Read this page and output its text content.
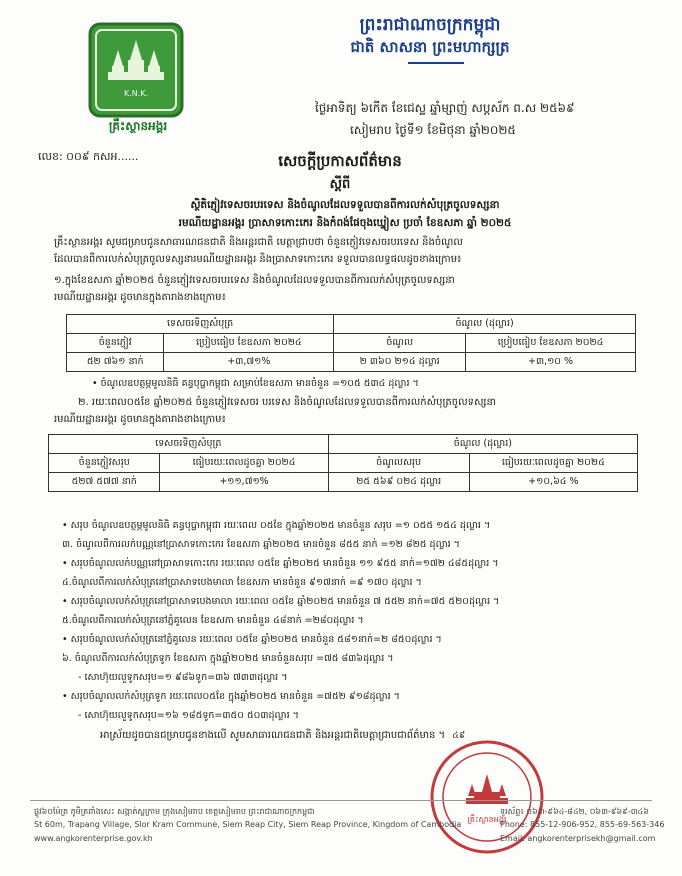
ព្រះរាជាណាចក្រកម្ពុជា
ជាតិ សាសនា ព្រះមហាក្សត្រ
K.N.K.
គ្រឹះស្ថានអង្គរ
លេខ: ០០៩ កសអ......
ថ្ងៃអាទិត្យ ៦កើត ខែជេស្ឋ ឆ្នាំម្សាញ់ សប្តស័ក ព.ស ២៥៦៩
សៀមរាប ថ្ងៃទី១ ខែមិថុនា ឆ្នាំ២០២៥
សេចក្តីប្រកាសព័ត៌មាន
ស្តីពី
ស្ថិតិភ្ញៀវទេសចរបរទេស និងចំណូលដែលទទួលបានពីការលក់សំបុត្រចូលទស្សនា
រមណីយដ្ឋានអង្គរ ប្រាសាទកោះកេរ និងកំពង់ផែចុងឃ្នៀស ប្រចាំ ខែឧសភា ឆ្នាំ ២០២៥
គ្រឹះស្ថានអង្គរ សូមជម្រាបជូនសាធារណជនជាតិ និងអន្តរជាតិ មេត្តាជ្រាបថា ចំនួនភ្ញៀវទេសចរបរទេស និងចំណូល
ដែលបានពីការលក់សំបុត្រចូលទស្សនារមណីយដ្ឋានអង្គរ និងប្រាសាទកោះកេរ ទទួលបានលទ្ធផលដូចខាងក្រោម៖
១.ក្នុងខែឧសភា ឆ្នាំ២០២៥ ចំនួនភ្ញៀវទេសចរបរទេស និងចំណូលដែលទទួលបានពីការលក់សំបុត្រចូលទស្សនា
រមណីយដ្ឋានអង្គរ ដូចមានក្នុងតារាងខាងក្រោម៖
ទេសចរទិញសំបុត្រ		ចំណូល (ដុល្លារ)	
ចំនួនភ្ញៀវ	ប្រៀបធៀប ខែឧសភា ២០២៤	ចំណូល	ប្រៀបធៀប ខែឧសភា ២០២៤
៥២ ៧៦១ នាក់	+៣,៧១%	២ ៣៦០ ២១៤ ដុល្លារ	+៣,១០ %
• ចំណូលឧបត្ថម្ភមូលនិធិ គន្ធបុប្ផាកម្ពុជា សម្រាប់ខែឧសភា មានចំនួន =១០៥ ៥៣៤ ដុល្លារ ។
២. រយៈពេល០៥ខែ ឆ្នាំ២០២៥ ចំនួនភ្ញៀវទេសចរ បរទេស និងចំណូលដែលទទួលបានពីការលក់សំបុត្រចូលទស្សនា
រមណីយដ្ឋានអង្គរ ដូចមានក្នុងតារាងខាងក្រោម៖
ទេសចរទិញសំបុត្រ		ចំណូល (ដុល្លារ)	
ចំនួនភ្ញៀវសរុប	ធៀបរយៈពេលដូចគ្នា ២០២៤	ចំណូលសរុប	ធៀបរយៈពេលដូចគ្នា ២០២៤
៥២៧ ៥៧៧ នាក់	+១១,៧១%	២៥ ៥៦៩ ០២៤ ដុល្លារ	+១០,៦៤ %
• សរុប ចំណូលឧបត្ថម្ភមូលនិធិ គន្ធបុប្ផាកម្ពុជា រយៈពេល ០៥ខែ ក្នុងឆ្នាំ២០២៥ មានចំនួន សរុប =១ ០៥៥ ១៥៤ ដុល្លារ ។
៣. ចំណូលពីការលក់បណ្ណនៅប្រាសាទកោះកេរ ខែឧសភា ឆ្នាំ២០២៥ មានចំនួន ៨៥៥ នាក់ =១២ ៨២៥ ដុល្លារ ។
• សរុបចំណូលលក់បណ្ណនៅប្រាសាទកោះកេរ រយៈពេល ០៥ខែ ឆ្នាំ២០២៥ មានចំនួន ១១ ៩៥៥ នាក់=១៧២ ៤៨៥ដុល្លារ ។
៤.ចំណូលពីការលក់សំបុត្រនៅប្រាសាទបេងមាលា ខែឧសភា មានចំនួន ៩១៧នាក់ =៩ ១៧០ ដុល្លារ ។
• សរុបចំណូលលក់សំបុត្រនៅប្រាសាទបេងមាលា រយៈពេល ០៥ខែ ឆ្នាំ២០២៥ មានចំនួន ៧ ៥៥២ នាក់=៧៥ ៥២០ដុល្លារ ។
៥.ចំណូលពីការលក់សំបុត្រនៅភ្នំគូលេន ខែឧសភា មានចំនួន ៤៨នាក់ =២៨០ដុល្លារ ។
• សរុបចំណូលលក់សំបុត្រនៅភ្នំគូលេន រយៈពេល ០៥ខែ ឆ្នាំ២០២៥ មានចំនួន ៥៨១នាក់=២ ៨៥០ដុល្លារ ។
៦. ចំណូលពីការលក់សំបុត្រទូក ខែឧសភា ក្នុងឆ្នាំ២០២៥ មានចំនួនសរុប =៧៥ ៨៣៦ដុល្លារ ។
- សោហ៊ុយលួទូកសរុប=១ ៩៨៦ទូក=៣៦ ៧៣៣ដុល្លារ ។
• សរុបចំណូលលក់សំបុត្រទូក រយៈពេល០៥ខែ ក្នុងឆ្នាំ២០២៥ មានចំនួន =៧៥២ ៩១៨ដុល្លារ ។
- សោហ៊ុយលួទូកសរុប=១៦ ១៨៥ទូក=៣៥០ ៥០៣ដុល្លារ ។
អាស្រ័យដូចបានជម្រាបជូនខាងលើ សូមសាធារណជនជាតិ និងអន្តរជាតិមេត្តាជ្រាបជាព័ត៌មាន ។ ៤៩
គ្រឹះស្ថានអង្គរ
ផ្លូវ៦០ម៉ែត្រ ភូមិត្រពាំងសេះ សង្កាត់ស្លក្រាម ក្រុងសៀមរាប ខេត្តសៀមរាប ព្រះរាជាណាចក្រកម្ពុជា
St 60m, Trapang Village, Slor Kram Commune, Siem Reap City, Siem Reap Province, Kingdom of Cambodia
www.angkorenterprise.gov.kh
ទូរស័ព្ទ៖ ០៦៣-៩៦៤-៨៤២, ០៦៣-៩៦៩-៣៤៦
Phone: 855-12-906-952, 855-69-563-346
Email: angkorenterprisekh@gmail.com
